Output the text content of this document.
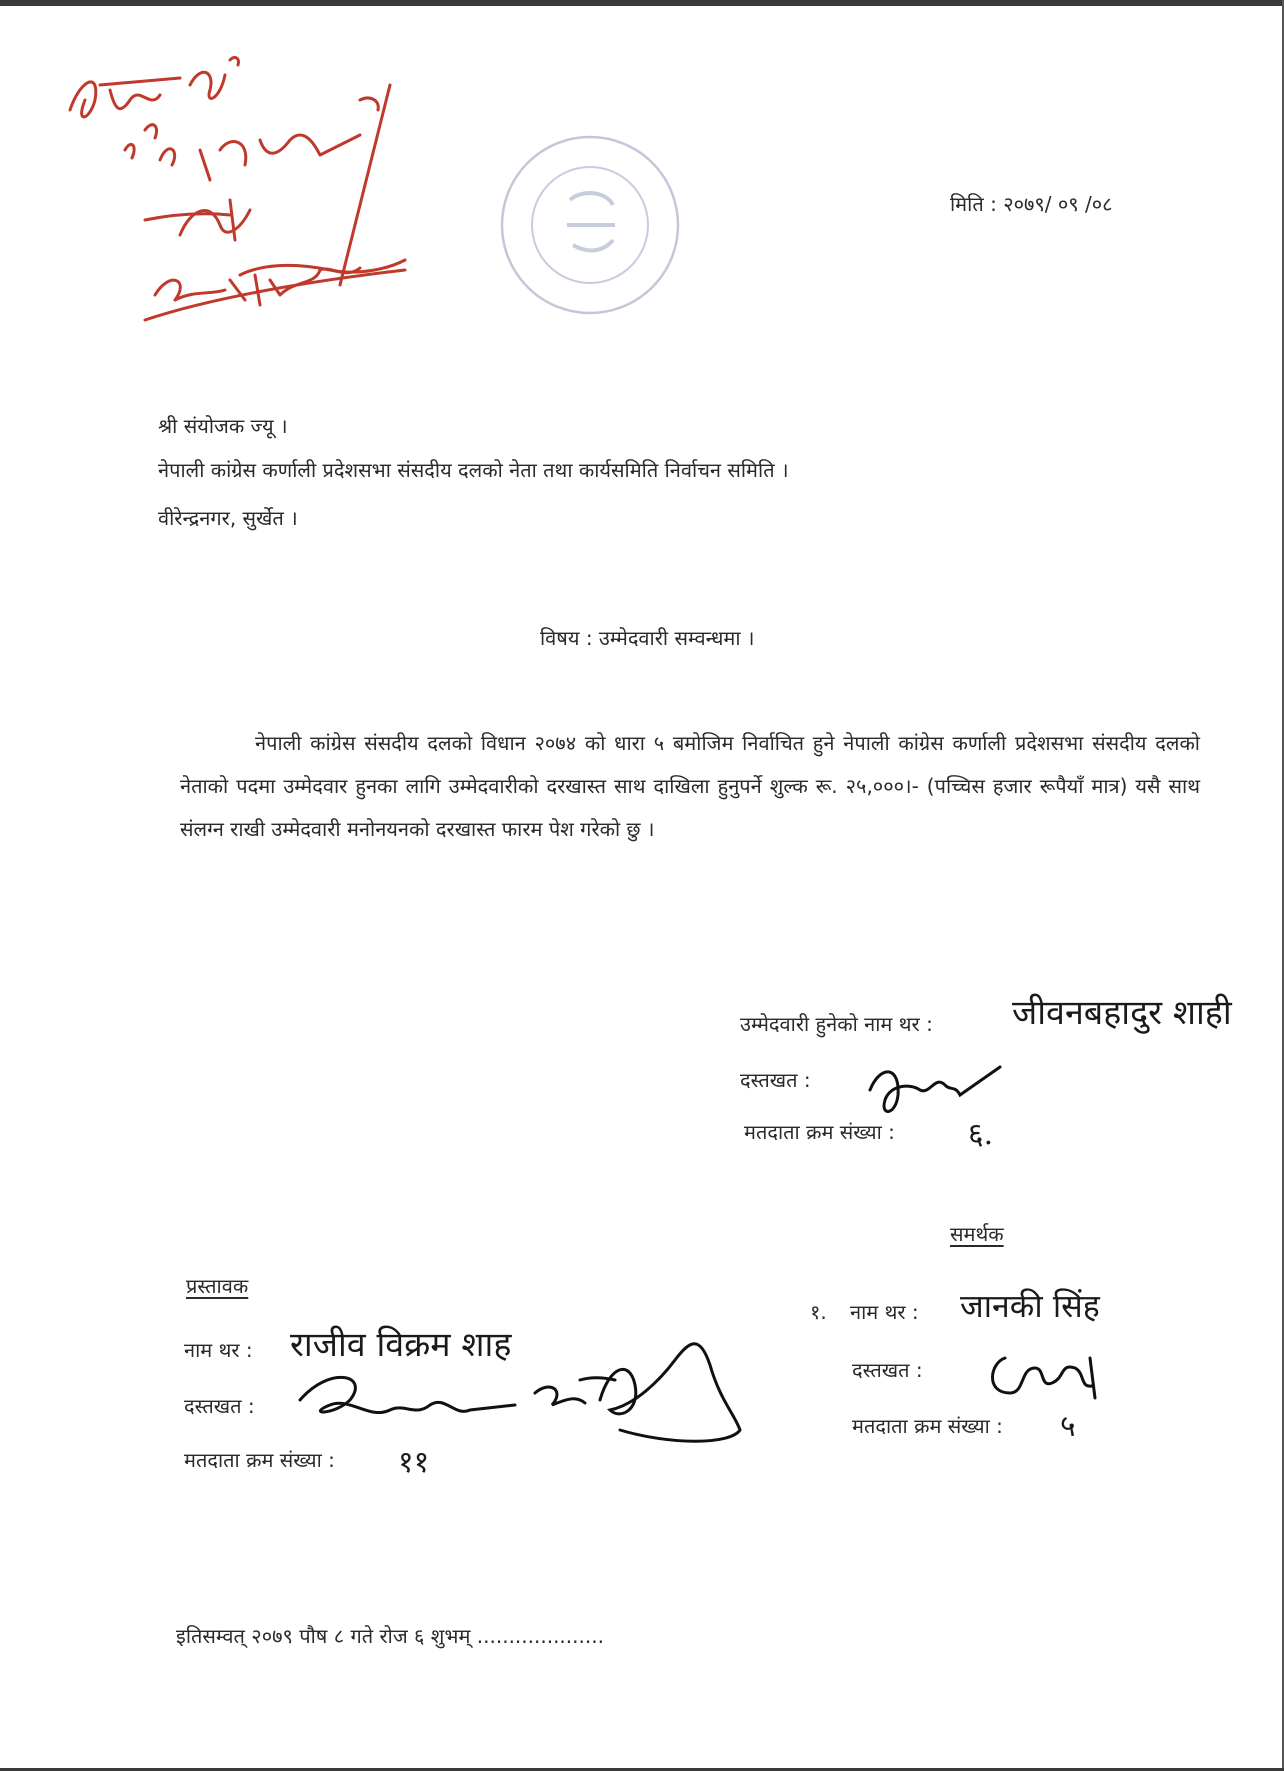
मिति : २०७९/ ०९ /०८
श्री संयोजक ज्यू ।
नेपाली कांग्रेस कर्णाली प्रदेशसभा संसदीय दलको नेता तथा कार्यसमिति निर्वाचन समिति ।
वीरेन्द्रनगर, सुर्खेत ।
विषय : उम्मेदवारी सम्वन्धमा ।

नेपाली कांग्रेस संसदीय दलको विधान २०७४ को धारा ५ बमोजिम निर्वाचित हुने नेपाली कांग्रेस कर्णाली प्रदेशसभा संसदीय दलको नेताको पदमा उम्मेदवार हुनका लागि उम्मेदवारीको दरखास्त साथ दाखिला हुनुपर्ने शुल्क रू. २५,०००।- (पच्चिस हजार रूपैयाँ मात्र) यसै साथ संलग्न राखी उम्मेदवारी मनोनयनको दरखास्त फारम पेश गरेको छु ।

उम्मेदवारी हुनेको नाम थर : जीवनबहादुर शाही
दस्तखत :
मतदाता क्रम संख्या : ६.
समर्थक
१. नाम थर : जानकी सिंह
दस्तखत :
मतदाता क्रम संख्या : ५
प्रस्तावक
नाम थर : राजीव विक्रम शाह
दस्तखत :
मतदाता क्रम संख्या : ११
इतिसम्वत् २०७९ पौष ८ गते रोज ६ शुभम् ....................
